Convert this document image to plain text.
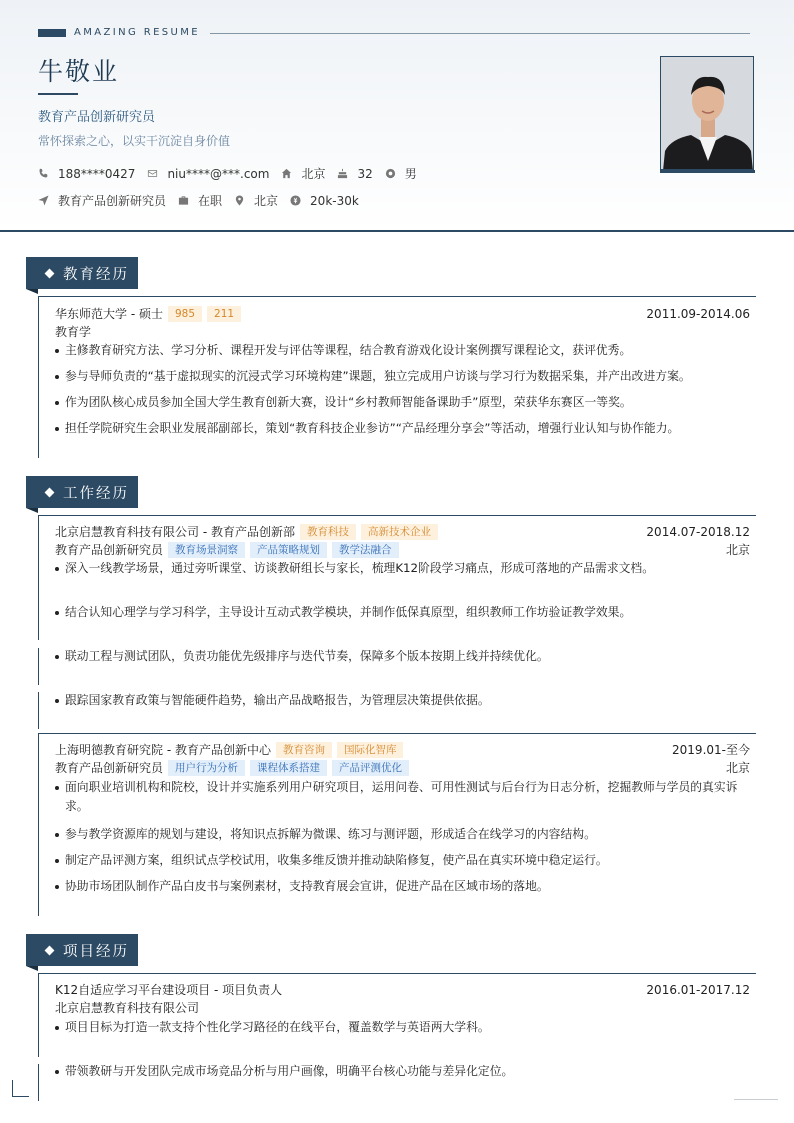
AMAZING RESUME
牛敬业
教育产品创新研究员
常怀探索之心，以实干沉淀自身价值
188****0427	niu****@***.com	北京	32	男
教育产品创新研究员	在职	北京	20k-30k
教育经历
华东师范大学 - 硕士	985	211	2011.09-2014.06
教育学
主修教育研究方法、学习分析、课程开发与评估等课程，结合教育游戏化设计案例撰写课程论文，获评优秀。
参与导师负责的“基于虚拟现实的沉浸式学习环境构建”课题，独立完成用户访谈与学习行为数据采集，并产出改进方案。
作为团队核心成员参加全国大学生教育创新大赛，设计“乡村教师智能备课助手”原型，荣获华东赛区一等奖。
担任学院研究生会职业发展部副部长，策划“教育科技企业参访”“产品经理分享会”等活动，增强行业认知与协作能力。
工作经历
北京启慧教育科技有限公司 - 教育产品创新部	教育科技	高新技术企业	2014.07-2018.12
教育产品创新研究员	教育场景洞察	产品策略规划	教学法融合	北京
深入一线教学场景，通过旁听课堂、访谈教研组长与家长，梳理K12阶段学习痛点，形成可落地的产品需求文档。
结合认知心理学与学习科学，主导设计互动式教学模块，并制作低保真原型，组织教师工作坊验证教学效果。
联动工程与测试团队，负责功能优先级排序与迭代节奏，保障多个版本按期上线并持续优化。
跟踪国家教育政策与智能硬件趋势，输出产品战略报告，为管理层决策提供依据。
上海明德教育研究院 - 教育产品创新中心	教育咨询	国际化智库	2019.01-至今
教育产品创新研究员	用户行为分析	课程体系搭建	产品评测优化	北京
面向职业培训机构和院校，设计并实施系列用户研究项目，运用问卷、可用性测试与后台行为日志分析，挖掘教师与学员的真实诉求。
参与教学资源库的规划与建设，将知识点拆解为微课、练习与测评题，形成适合在线学习的内容结构。
制定产品评测方案，组织试点学校试用，收集多维反馈并推动缺陷修复，使产品在真实环境中稳定运行。
协助市场团队制作产品白皮书与案例素材，支持教育展会宣讲，促进产品在区域市场的落地。
项目经历
K12自适应学习平台建设项目 - 项目负责人	2016.01-2017.12
北京启慧教育科技有限公司
项目目标为打造一款支持个性化学习路径的在线平台，覆盖数学与英语两大学科。
带领教研与开发团队完成市场竞品分析与用户画像，明确平台核心功能与差异化定位。
